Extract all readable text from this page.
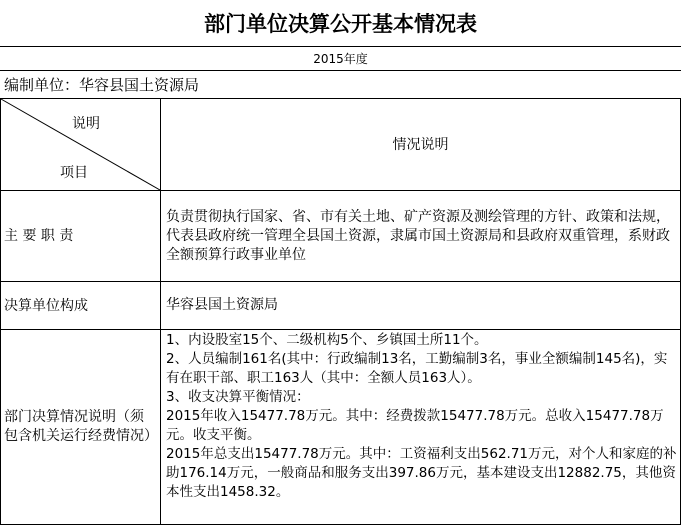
部门单位决算公开基本情况表
2015年度
编制单位：华容县国土资源局
说明
项目
情况说明
主 要 职 责
负责贯彻执行国家、省、市有关土地、矿产资源及测绘管理的方针、政策和法规，代表县政府统一管理全县国土资源，隶属市国土资源局和县政府双重管理，系财政全额预算行政事业单位
决算单位构成	华容县国土资源局
部门决算情况说明（须包含机关运行经费情况）
1、内设股室15个、二级机构5个、乡镇国土所11个。
2、人员编制161名(其中：行政编制13名，工勤编制3名，事业全额编制145名)，实有在职干部、职工163人（其中：全额人员163人）。
3、收支决算平衡情况：
2015年收入15477.78万元。其中：经费拨款15477.78万元。总收入15477.78万元。收支平衡。
2015年总支出15477.78万元。其中：工资福利支出562.71万元，对个人和家庭的补助176.14万元，一般商品和服务支出397.86万元，基本建设支出12882.75，其他资本性支出1458.32。
